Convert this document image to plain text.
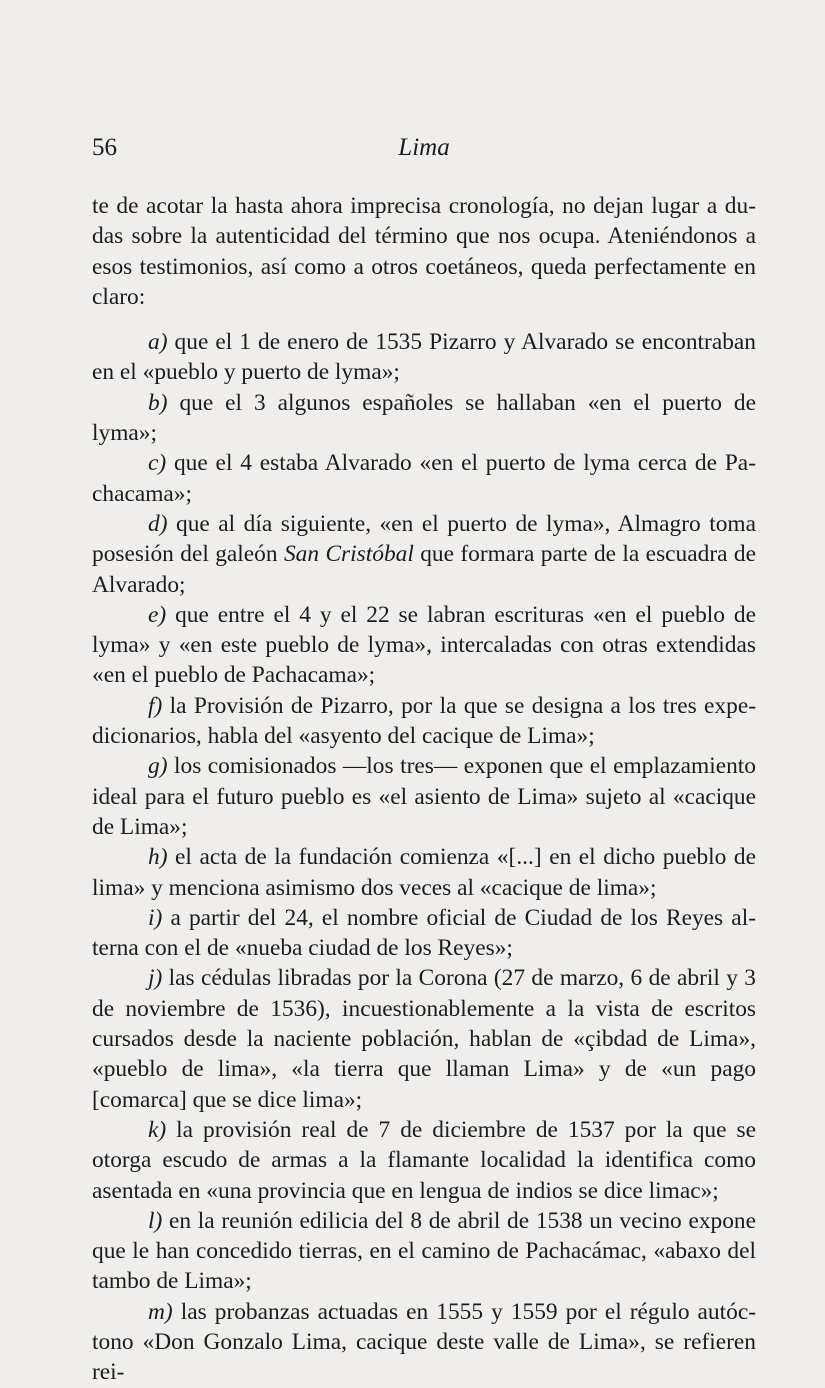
56	Lima

te de acotar la hasta ahora imprecisa cronología, no dejan lugar a dudas sobre la autenticidad del término que nos ocupa. Ateniéndonos a esos testimonios, así como a otros coetáneos, queda perfectamente en claro:

a) que el 1 de enero de 1535 Pizarro y Alvarado se encontraban en el «pueblo y puerto de lyma»;

b) que el 3 algunos españoles se hallaban «en el puerto de lyma»;

c) que el 4 estaba Alvarado «en el puerto de lyma cerca de Pachacama»;

d) que al día siguiente, «en el puerto de lyma», Almagro toma posesión del galeón San Cristóbal que formara parte de la escuadra de Alvarado;

e) que entre el 4 y el 22 se labran escrituras «en el pueblo de lyma» y «en este pueblo de lyma», intercaladas con otras extendidas «en el pueblo de Pachacama»;

f) la Provisión de Pizarro, por la que se designa a los tres expedicionarios, habla del «asyento del cacique de Lima»;

g) los comisionados —los tres— exponen que el emplazamiento ideal para el futuro pueblo es «el asiento de Lima» sujeto al «cacique de Lima»;

h) el acta de la fundación comienza «[...] en el dicho pueblo de lima» y menciona asimismo dos veces al «cacique de lima»;

i) a partir del 24, el nombre oficial de Ciudad de los Reyes alterna con el de «nueba ciudad de los Reyes»;

j) las cédulas libradas por la Corona (27 de marzo, 6 de abril y 3 de noviembre de 1536), incuestionablemente a la vista de escritos cursados desde la naciente población, hablan de «çibdad de Lima», «pueblo de lima», «la tierra que llaman Lima» y de «un pago [comarca] que se dice lima»;

k) la provisión real de 7 de diciembre de 1537 por la que se otorga escudo de armas a la flamante localidad la identifica como asentada en «una provincia que en lengua de indios se dice limac»;

l) en la reunión edilicia del 8 de abril de 1538 un vecino expone que le han concedido tierras, en el camino de Pachacámac, «abaxo del tambo de Lima»;

m) las probanzas actuadas en 1555 y 1559 por el régulo autóctono «Don Gonzalo Lima, cacique deste valle de Lima», se refieren rei-
